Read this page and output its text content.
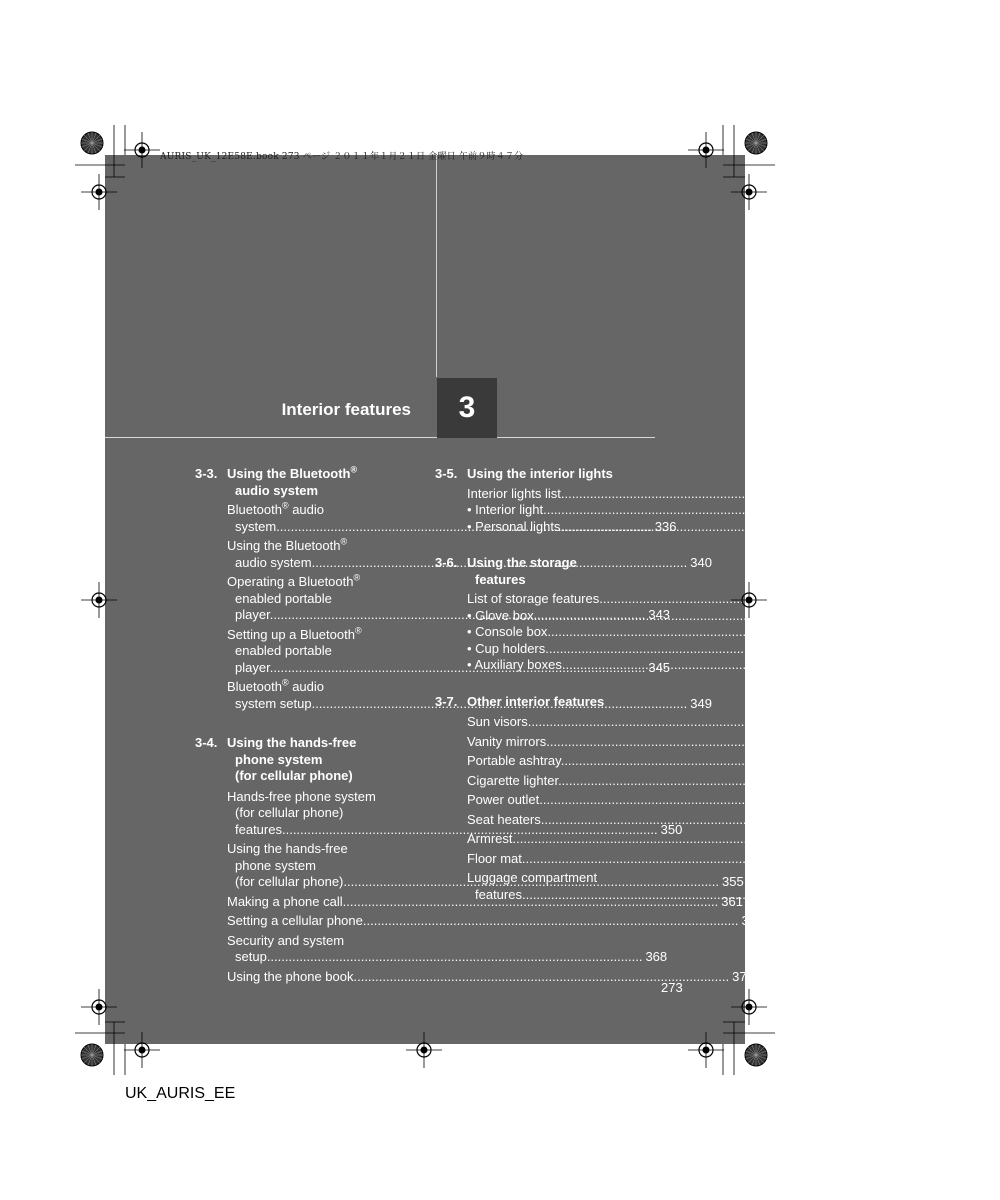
AURIS_UK_12E58E.book 273 ページ ２０１１年１月２１日 金曜日 午前９時４７分
Interior features	3
3-3. Using the Bluetooth®
audio system
Bluetooth® audio
system .....	336
Using the Bluetooth®
audio system .....	340
Operating a Bluetooth®
enabled portable
player .....	343
Setting up a Bluetooth®
enabled portable
player .....	345
Bluetooth® audio
system setup .....	349
3-4. Using the hands-free
phone system
(for cellular phone)
Hands-free phone system
(for cellular phone)
features .....	350
Using the hands-free
phone system
(for cellular phone) .....	355
Making a phone call .....	361
Setting a cellular phone .....	364
Security and system
setup .....	368
Using the phone book .....	372
3-5. Using the interior lights
Interior lights list .....	377
• Interior light .....	378
• Personal lights .....	379
3-6. Using the storage
features
List of storage features .....	380
• Glove box .....	381
• Console box .....	381
• Cup holders .....	382
• Auxiliary boxes .....	383
3-7. Other interior features
Sun visors .....	384
Vanity mirrors .....	385
Portable ashtray .....	386
Cigarette lighter .....	387
Power outlet .....	389
Seat heaters .....	390
Armrest .....	392
Floor mat .....	393
Luggage compartment
features .....	394
273
UK_AURIS_EE
